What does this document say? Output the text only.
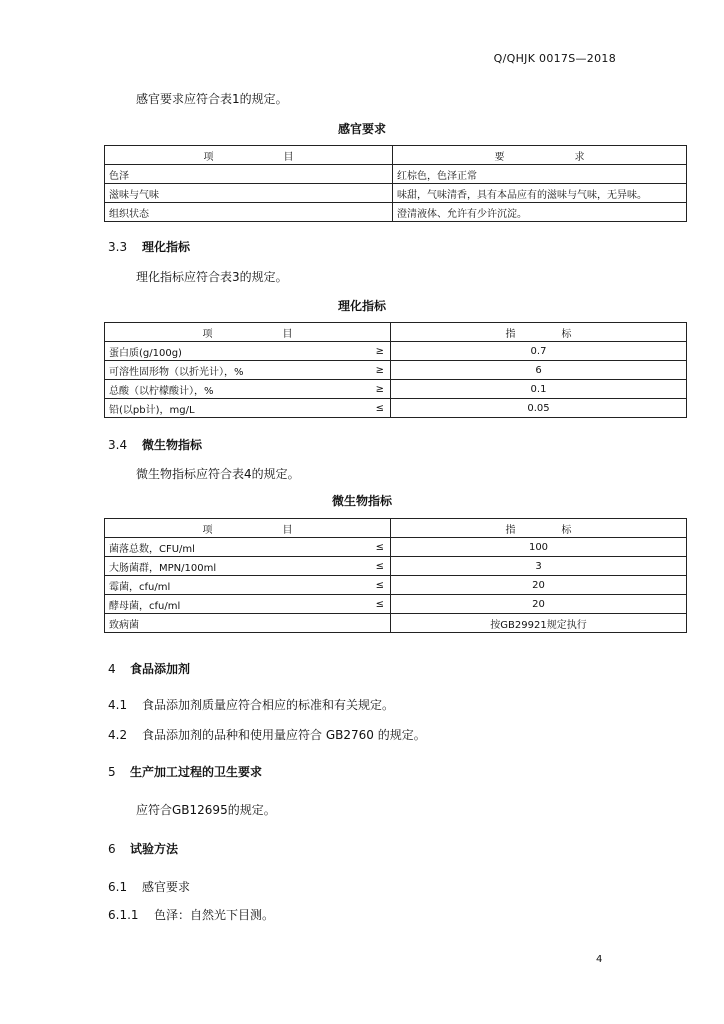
Q/QHJK 0017S—2018
感官要求应符合表1的规定。
感官要求
项 目	要 求
色泽	红棕色，色泽正常
滋味与气味	味甜，气味清香，具有本品应有的滋味与气味，无异味。
组织状态	澄清液体、允许有少许沉淀。
3.3 理化指标
理化指标应符合表3的规定。
理化指标
项 目		指 标
蛋白质(g/100g)	≥	0.7
可溶性固形物（以折光计），%	≥	6
总酸（以柠檬酸计），%	≥	0.1
铅(以pb计)，mg/L	≤	0.05
3.4 微生物指标
微生物指标应符合表4的规定。
微生物指标
项 目		指 标
菌落总数，CFU/ml	≤	100
大肠菌群，MPN/100ml	≤	3
霉菌，cfu/ml	≤	20
酵母菌，cfu/ml	≤	20
致病菌		按GB29921规定执行
4 食品添加剂
4.1 食品添加剂质量应符合相应的标准和有关规定。
4.2 食品添加剂的品种和使用量应符合 GB2760 的规定。
5 生产加工过程的卫生要求
应符合GB12695的规定。
6 试验方法
6.1 感官要求
6.1.1 色泽：自然光下目测。
4
